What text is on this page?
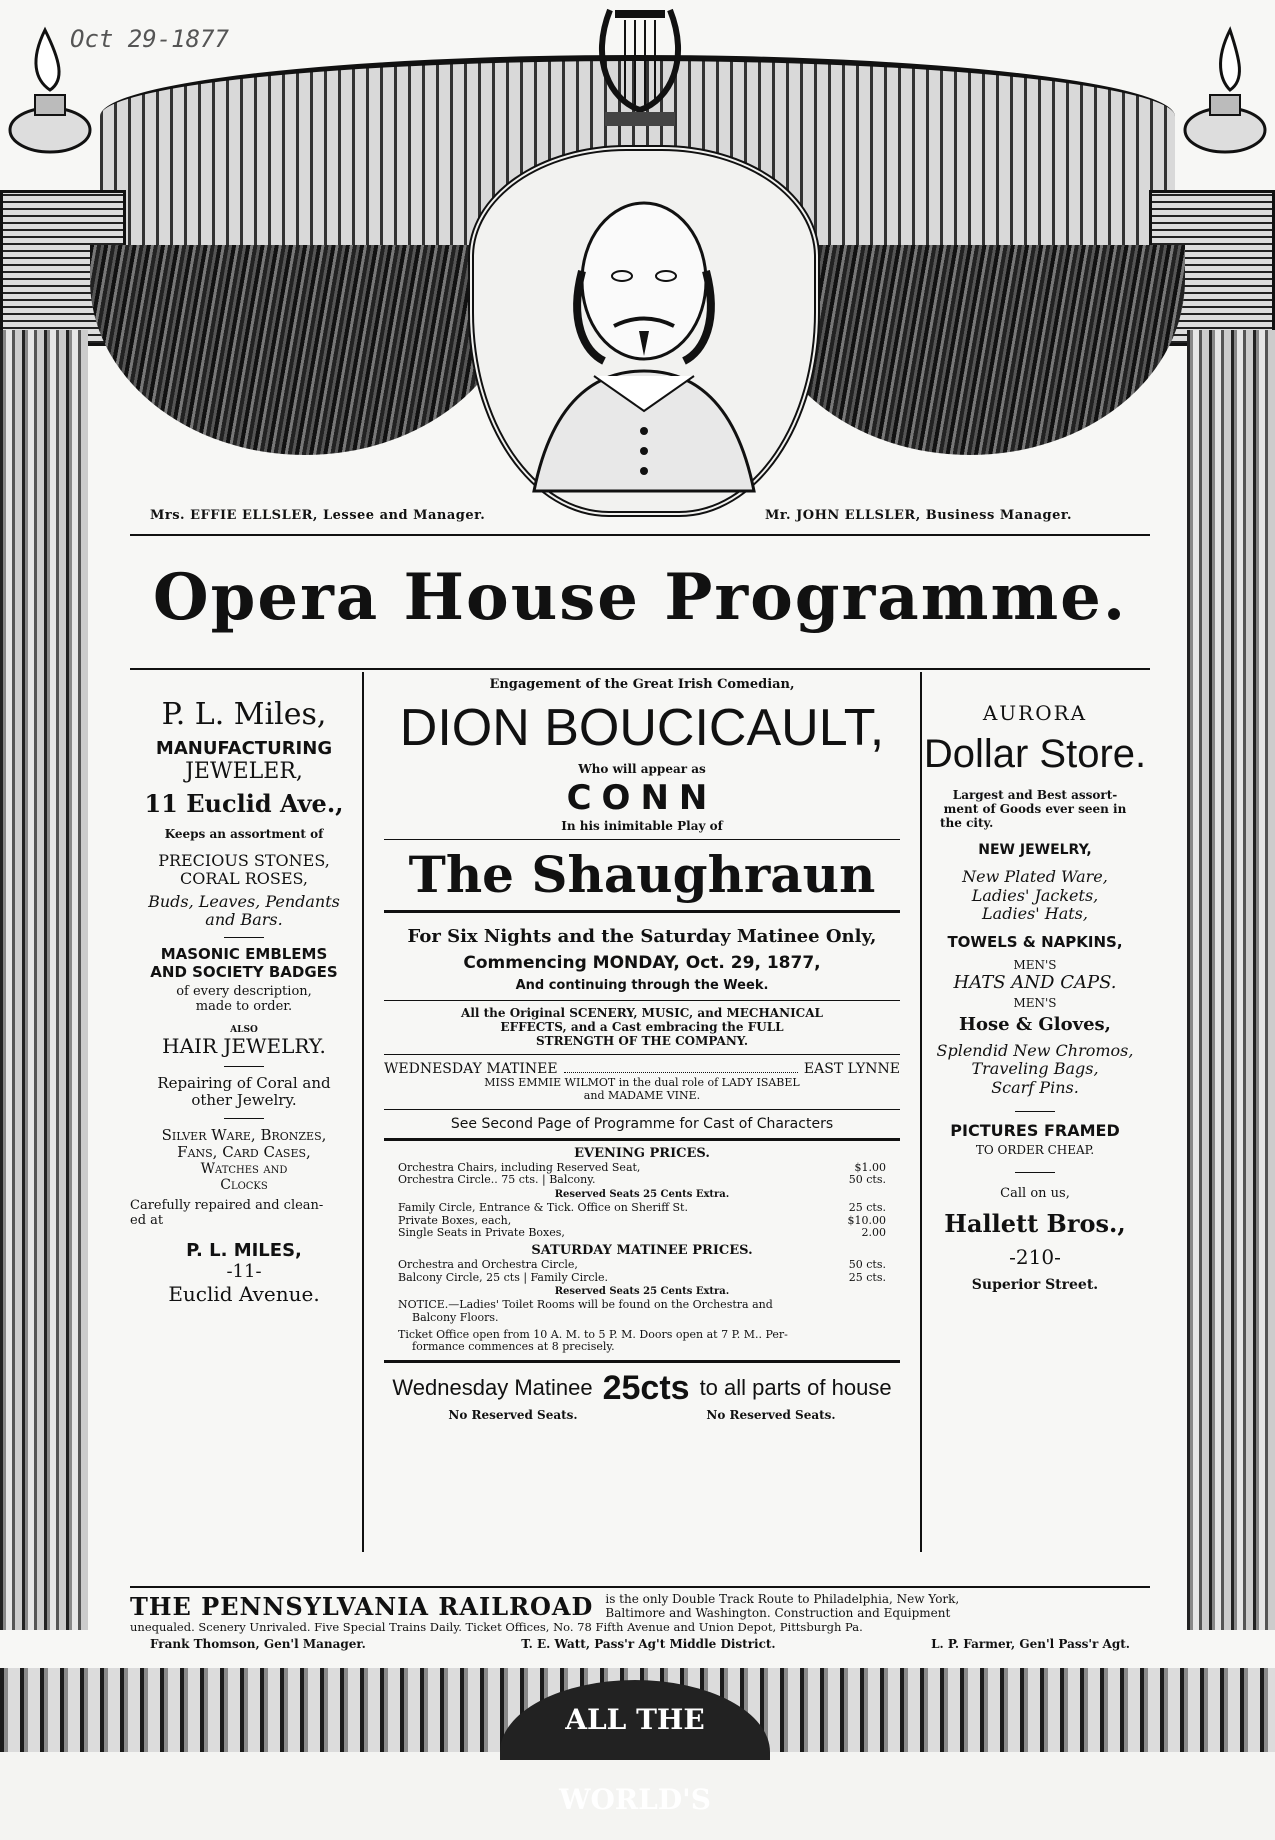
Oct 29-1877
Mrs. EFFIE ELLSLER, Lessee and Manager.	Mr. JOHN ELLSLER, Business Manager.
Opera House Programme.

P. L. Miles,

MANUFACTURING

JEWELER,

11 Euclid Ave.,

Keeps an assortment of

PRECIOUS STONES,

CORAL ROSES,

Buds, Leaves, Pendants

and Bars.

MASONIC EMBLEMS

AND SOCIETY BADGES

of every description,

made to order.

ALSO

HAIR JEWELRY.

Repairing of Coral and

other Jewelry.

Silver Ware, Bronzes,

Fans, Card Cases,

Watches and

Clocks

Carefully repaired and clean-

ed at

P. L. MILES,

-11-

Euclid Avenue.

Engagement of the Great Irish Comedian,

DION BOUCICAULT,

Who will appear as

CONN

In his inimitable Play of

The Shaughraun

For Six Nights and the Saturday Matinee Only,

Commencing MONDAY, Oct. 29, 1877,

And continuing through the Week.

All the Original SCENERY, MUSIC, and MECHANICAL

EFFECTS, and a Cast embracing the FULL

STRENGTH OF THE COMPANY.

WEDNESDAY MATINEE	EAST LYNNE

MISS EMMIE WILMOT in the dual role of LADY ISABEL

and MADAME VINE.

See Second Page of Programme for Cast of Characters

EVENING PRICES.

Orchestra Chairs, including Reserved Seat,	$1.00

Orchestra Circle.. 75 cts. | Balcony.	50 cts.

Reserved Seats 25 Cents Extra.

Family Circle, Entrance & Tick. Office on Sheriff St.	25 cts.

Private Boxes, each,	$10.00

Single Seats in Private Boxes,	2.00

SATURDAY MATINEE PRICES.

Orchestra and Orchestra Circle,	50 cts.

Balcony Circle, 25 cts | Family Circle.	25 cts.

Reserved Seats 25 Cents Extra.

NOTICE.—Ladies' Toilet Rooms will be found on the Orchestra and

Balcony Floors.

Ticket Office open from 10 A. M. to 5 P. M. Doors open at 7 P. M.. Per-

formance commences at 8 precisely.

Wednesday Matinee 25cts to all parts of house
No Reserved Seats.	No Reserved Seats.

AURORA

Dollar Store.

Largest and Best assort-

ment of Goods ever seen in

the city.

NEW JEWELRY,

New Plated Ware,

Ladies' Jackets,

Ladies' Hats,

TOWELS & NAPKINS,

MEN'S

HATS AND CAPS.

MEN'S

Hose & Gloves,

Splendid New Chromos,

Traveling Bags,

Scarf Pins.

PICTURES FRAMED

TO ORDER CHEAP.

Call on us,

Hallett Bros.,

-210-

Superior Street.

THE PENNSYLVANIA RAILROAD is the only Double Track Route to Philadelphia, New York,

Baltimore and Washington. Construction and Equipment

unequaled. Scenery Unrivaled. Five Special Trains Daily. Ticket Offices, No. 78 Fifth Avenue and Union Depot, Pittsburgh Pa.

Frank Thomson, Gen'l Manager.	T. E. Watt, Pass'r Ag't Middle District.	L. P. Farmer, Gen'l Pass'r Agt.
ALL THE WORLD'S
